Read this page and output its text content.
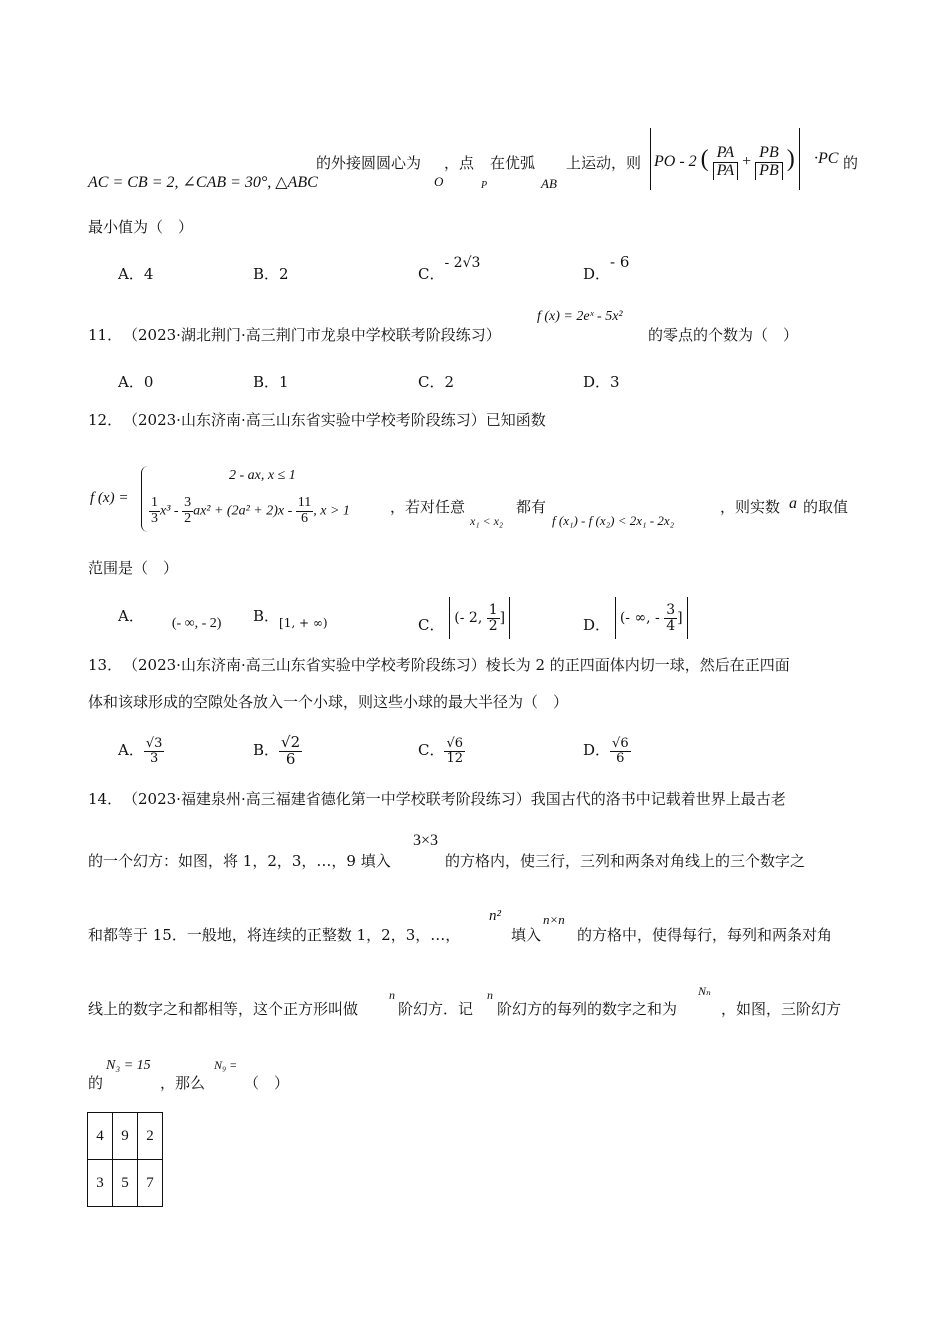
AC = CB = 2, ∠CAB = 30°, △ABC
的外接圆圆心为
O
，点
P
在优弧
AB
上运动，则 PO - 2 ( $\frac{PA}{PA} + \frac{PB}{PB}$ )	·PC 的
最小值为（　）
A．4	B．2	C．- 2√3
D．- 6
11． （2023·湖北荆门·高三荆门市龙泉中学校联考阶段练习）
f (x) = 2eˣ - 5x²
的零点的个数为（　）
A．0	B．1	C．2	D．3
12． （2023·山东济南·高三山东省实验中学校考阶段练习）已知函数
f (x) =
2 - ax, x ≤ 1
$\frac{1}{3} x^3 - \frac{3}{2} ax^2 + (2a^2 + 2)x - \frac{11}{6}$ , x > 1	，若对任意
x₁ < x₂
都有
f (x₁) - f (x₂) < 2x₁ - 2x₂
，则实数 a 的取值
范围是（　）
A． (- ∞, - 2) B．$_{[1, + \infty)}$	C． (- 2, $\frac{1}{2}$ ]	D． (- ∞, - $\frac{3}{4}$ ]
13． （2023·山东济南·高三山东省实验中学校考阶段练习）棱长为 2 的正四面体内切一球，然后在正四面
体和该球形成的空隙处各放入一个小球，则这些小球的最大半径为（　）
A． $\frac{√3}{3}$	B． $\frac{√2}{6}$	C． $\frac{√6}{12}$	D． $\frac{√6}{6}$
14． （2023·福建泉州·高三福建省德化第一中学校联考阶段练习）我国古代的洛书中记载着世界上最古老
的一个幻方：如图，将 1，2，3，…，9 填入
3×3
的方格内，使三行，三列和两条对角线上的三个数字之
和都等于 15．一般地，将连续的正整数 1，2，3，…，
n²
填入
n×n
的方格中，使得每行，每列和两条对角
线上的数字之和都相等，这个正方形叫做
n
阶幻方．记
n
阶幻方的每列的数字之和为
Nₙ
，如图，三阶幻方
的
N₃ = 15
，那么
N₉ =
（　）
4	9	2
3	5	7
